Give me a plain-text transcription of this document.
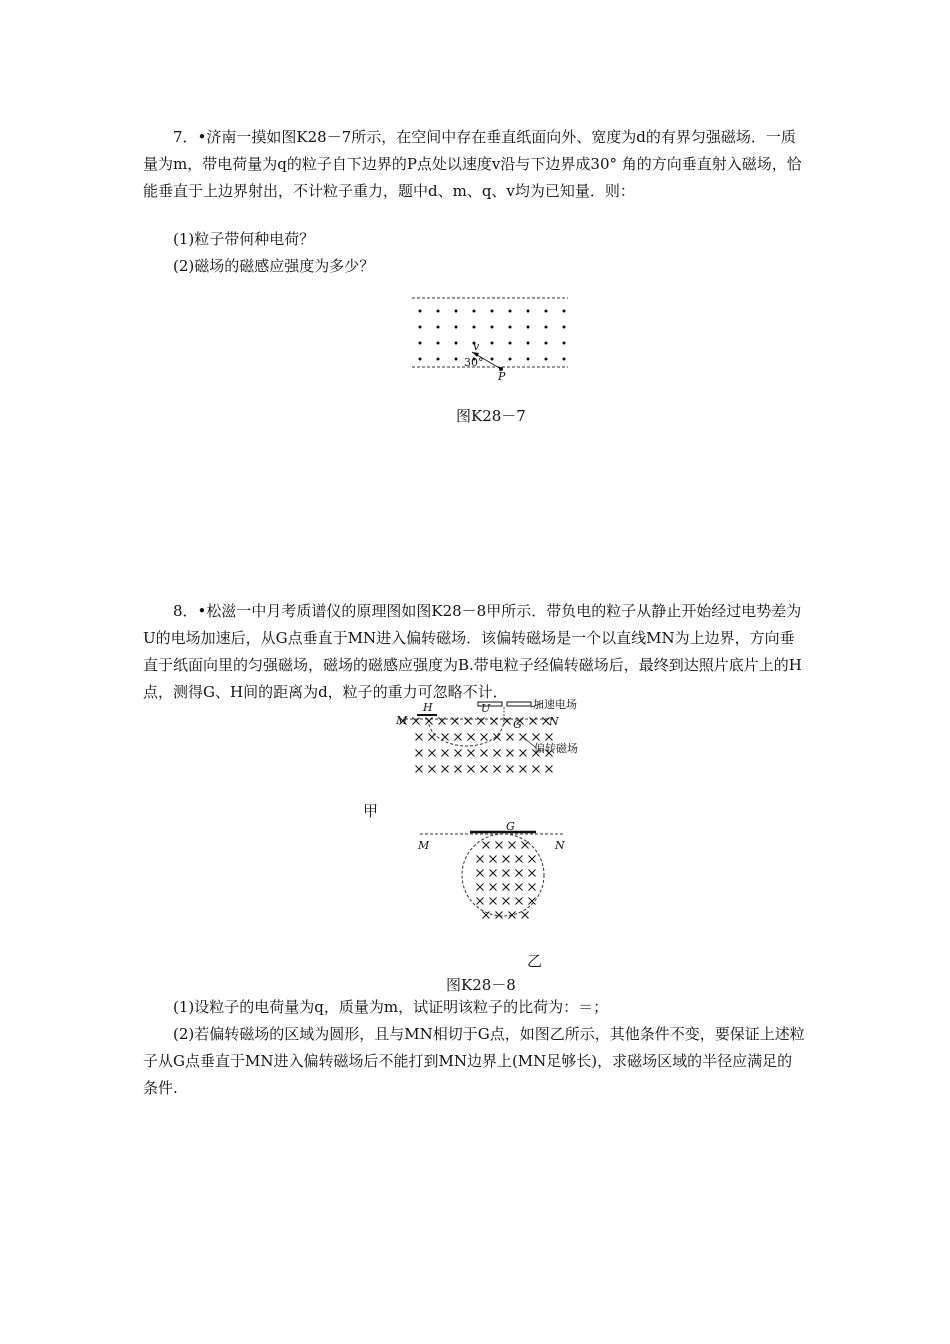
7．•济南一摸如图K28－7所示，在空间中存在垂直纸面向外、宽度为d的有界匀强磁场．一质量为m，带电荷量为q的粒子自下边界的P点处以速度v沿与下边界成30° 角的方向垂直射入磁场，恰能垂直于上边界射出，不计粒子重力，题中d、m、q、v均为已知量．则：

(1)粒子带何种电荷？

(2)磁场的磁感应强度为多少？

v
30°
P
图K28－7

8．•松滋一中月考质谱仪的原理图如图K28－8甲所示．带负电的粒子从静止开始经过电势差为U的电场加速后，从G点垂直于MN进入偏转磁场．该偏转磁场是一个以直线MN为上边界，方向垂直于纸面向里的匀强磁场，磁场的磁感应强度为B.带电粒子经偏转磁场后，最终到达照片底片上的H点，测得G、H间的距离为d，粒子的重力可忽略不计．

M
H	U
G N
加速电场
偏转磁场
甲
G
M	N
乙
图K28－8

(1)设粒子的电荷量为q，质量为m，试证明该粒子的比荷为：＝；

(2)若偏转磁场的区域为圆形，且与MN相切于G点，如图乙所示，其他条件不变，要保证上述粒子从G点垂直于MN进入偏转磁场后不能打到MN边界上(MN足够长)，求磁场区域的半径应满足的条件.
